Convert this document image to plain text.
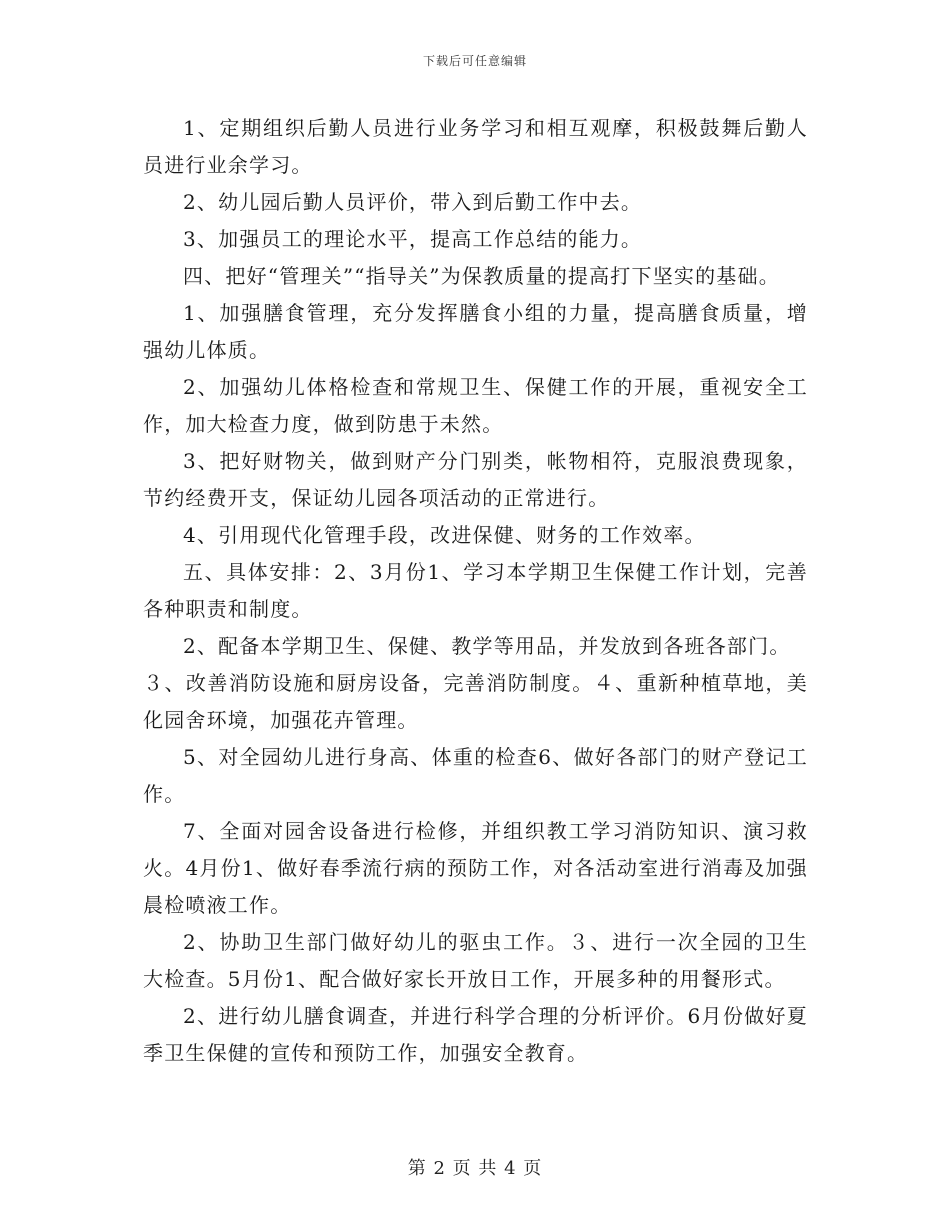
下载后可任意编辑

1、定期组织后勤人员进行业务学习和相互观摩，积极鼓舞后勤人员进行业余学习。

2、幼儿园后勤人员评价，带入到后勤工作中去。

3、加强员工的理论水平，提高工作总结的能力。

四、把好“管理关”“指导关”为保教质量的提高打下坚实的基础。

1、加强膳食管理，充分发挥膳食小组的力量，提高膳食质量，增强幼儿体质。

2、加强幼儿体格检查和常规卫生、保健工作的开展，重视安全工作，加大检查力度，做到防患于未然。

3、把好财物关，做到财产分门别类，帐物相符，克服浪费现象，节约经费开支，保证幼儿园各项活动的正常进行。

4、引用现代化管理手段，改进保健、财务的工作效率。

五、具体安排：2、3月份1、学习本学期卫生保健工作计划，完善各种职责和制度。

2、配备本学期卫生、保健、教学等用品，并发放到各班各部门。

３、改善消防设施和厨房设备，完善消防制度。４、重新种植草地，美化园舍环境，加强花卉管理。

5、对全园幼儿进行身高、体重的检查6、做好各部门的财产登记工作。

7、全面对园舍设备进行检修，并组织教工学习消防知识、演习救火。4月份1、做好春季流行病的预防工作，对各活动室进行消毒及加强晨检喷液工作。

2、协助卫生部门做好幼儿的驱虫工作。３、进行一次全园的卫生大检查。5月份1、配合做好家长开放日工作，开展多种的用餐形式。

2、进行幼儿膳食调查，并进行科学合理的分析评价。6月份做好夏季卫生保健的宣传和预防工作，加强安全教育。

第 2 页 共 4 页
